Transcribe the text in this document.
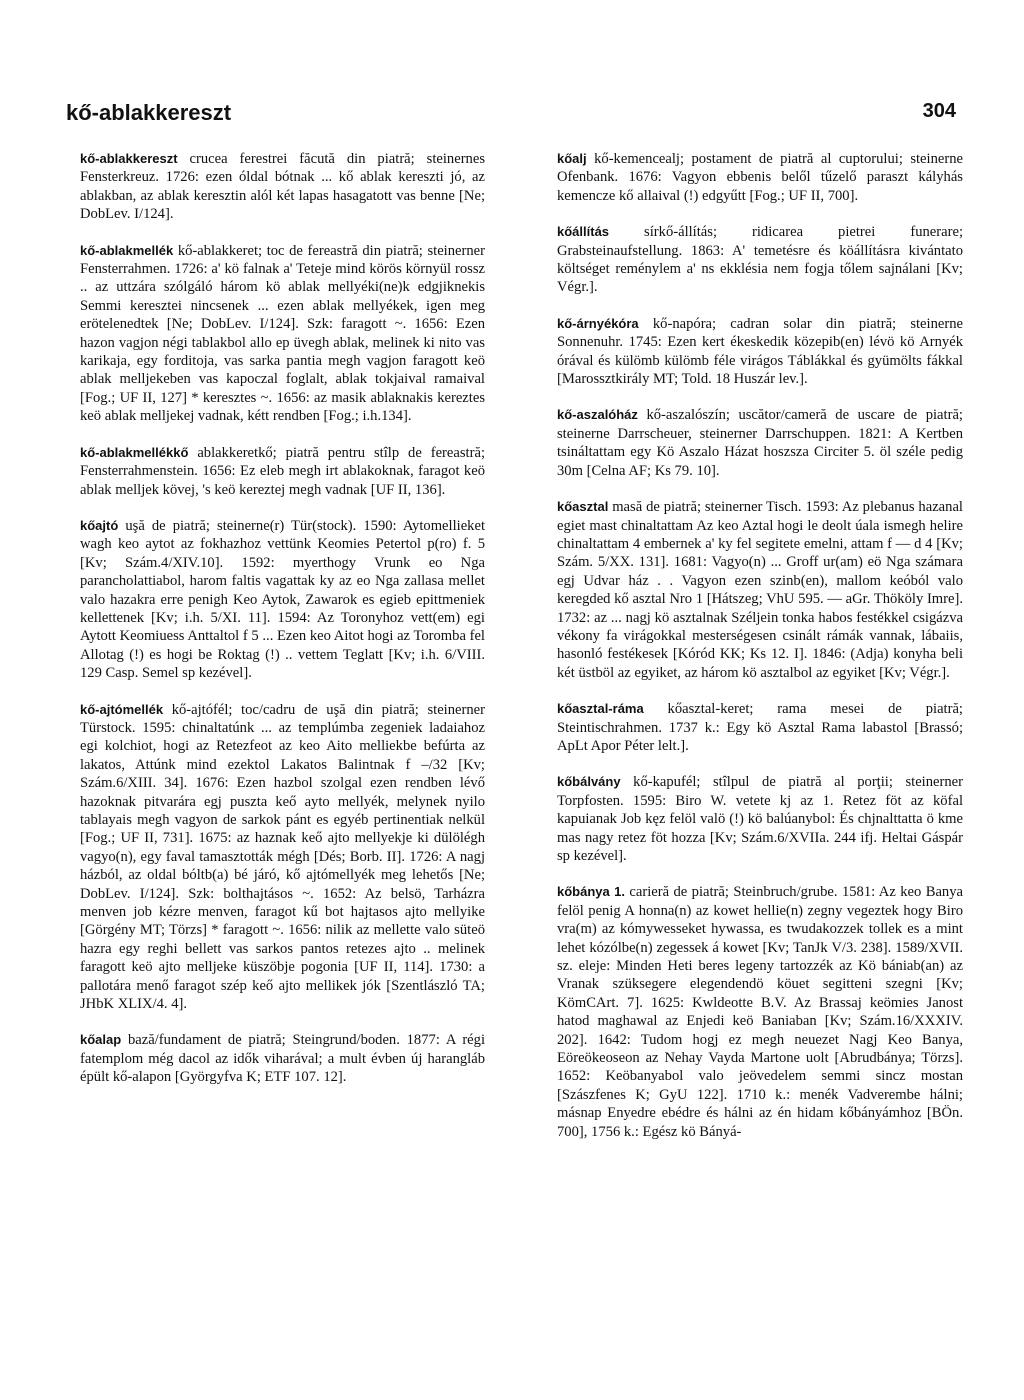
kő-ablakkereszt	304

kő-ablakkereszt crucea ferestrei făcută din piatră; steinernes Fensterkreuz. 1726: ezen óldal bótnak ... kő ablak kereszti jó, az ablakban, az ablak keresztin alól két lapas hasagatott vas benne [Ne; DobLev. I/124].

kő-ablakmellék kő-ablakkeret; toc de fereastră din piatră; steinerner Fensterrahmen. 1726: a' kö falnak a' Teteje mind körös környül rossz .. az uttzára szólgáló három kö ablak mellyéki(ne)k edgjiknekis Semmi keresztei nincsenek ... ezen ablak mellyékek, igen meg erötelenedtek [Ne; DobLev. I/124]. Szk: faragott ~. 1656: Ezen hazon vagjon négi tablakbol allo ep üvegh ablak, melinek ki nito vas karikaja, egy forditoja, vas sarka pantia megh vagjon faragott keö ablak melljekeben vas kapoczal foglalt, ablak tokjaival ramaival [Fog.; UF II, 127] * keresztes ~. 1656: az masik ablaknakis kereztes keö ablak melljekej vadnak, kétt rendben [Fog.; i.h.134].

kő-ablakmellékkő ablakkeretkő; piatră pentru stîlp de fereastră; Fensterrahmenstein. 1656: Ez eleb megh irt ablakoknak, faragot keö ablak melljek kövej, 's keö kereztej megh vadnak [UF II, 136].

kőajtó uşă de piatră; steinerne(r) Tür(stock). 1590: Aytomellieket wagh keo aytot az fokhazhoz vettünk Keomies Petertol p(ro) f. 5 [Kv; Szám.4/XIV.10]. 1592: myerthogy Vrunk eo Nga parancholattiabol, harom faltis vagattak ky az eo Nga zallasa mellet valo hazakra erre penigh Keo Aytok, Zawarok es egieb epittmeniek kellettenek [Kv; i.h. 5/XI. 11]. 1594: Az Toronyhoz vett(em) egi Aytott Keomiuess Anttaltol f 5 ... Ezen keo Aitot hogi az Toromba fel Allotag (!) es hogi be Roktag (!) .. vettem Teglatt [Kv; i.h. 6/VIII. 129 Casp. Semel sp kezével].

kő-ajtómellék kő-ajtófél; toc/cadru de uşă din piatră; steinerner Türstock. 1595: chinaltatúnk ... az templúmba zegeniek ladaiahoz egi kolchiot, hogi az Retezfeot az keo Aito melliekbe befúrta az lakatos, Attúnk mind ezektol Lakatos Balintnak f –/32 [Kv; Szám.6/XIII. 34]. 1676: Ezen hazbol szolgal ezen rendben lévő hazoknak pitvarára egj puszta keő ayto mellyék, melynek nyilo tablayais megh vagyon de sarkok pánt es egyéb pertinentiak nelkül [Fog.; UF II, 731]. 1675: az haznak keő ajto mellyekje ki dülölégh vagyo(n), egy faval tamasztották mégh [Dés; Borb. II]. 1726: A nagj házból, az oldal bóltb(a) bé járó, kő ajtómellyék meg lehetős [Ne; DobLev. I/124]. Szk: bolthajtásos ~. 1652: Az belsö, Tarházra menven job kézre menven, faragot kű bot hajtasos ajto mellyike [Görgény MT; Törzs] * faragott ~. 1656: nilik az mellette valo süteö hazra egy reghi bellett vas sarkos pantos retezes ajto .. melinek faragott keö ajto melljeke küszöbje pogonia [UF II, 114]. 1730: a pallotára menő faragot szép keő ajto mellikek jók [Szentlászló TA; JHbK XLIX/4. 4].

kőalap bază/fundament de piatră; Steingrund/boden. 1877: A régi fatemplom még dacol az idők viharával; a mult évben új harangláb épült kő-alapon [Györgyfva K; ETF 107. 12].

kőalj kő-kemencealj; postament de piatră al cuptorului; steinerne Ofenbank. 1676: Vagyon ebbenis belől tűzelő paraszt kályhás kemencze kő allaival (!) edgyűtt [Fog.; UF II, 700].

kőállítás sírkő-állítás; ridicarea pietrei funerare; Grabsteinaufstellung. 1863: A' temetésre és köállításra kivántato költséget reménylem a' ns ekklésia nem fogja tőlem sajnálani [Kv; Végr.].

kő-árnyékóra kő-napóra; cadran solar din piatră; steinerne Sonnenuhr. 1745: Ezen kert ékeskedik közepib(en) lévö kö Arnyék órával és külömb külömb féle virágos Táblákkal és gyümölts fákkal [Marossztkirály MT; Told. 18 Huszár lev.].

kő-aszalóház kő-aszalószín; uscător/cameră de uscare de piatră; steinerne Darrscheuer, steinerner Darrschuppen. 1821: A Kertben tsináltattam egy Kö Aszalo Házat hoszsza Circiter 5. öl széle pedig 30m [Celna AF; Ks 79. 10].

kőasztal masă de piatră; steinerner Tisch. 1593: Az plebanus hazanal egiet mast chinaltattam Az keo Aztal hogi le deolt úala ismegh helire chinaltattam 4 embernek a' ky fel segitete emelni, attam f — d 4 [Kv; Szám. 5/XX. 131]. 1681: Vagyo(n) ... Groff ur(am) eö Nga számara egj Udvar ház . . Vagyon ezen szinb(en), mallom keóból valo keregded kő asztal Nro 1 [Hátszeg; VhU 595. — aGr. Thököly Imre]. 1732: az ... nagj kö asztalnak Széljein tonka habos festékkel csigázva vékony fa virágokkal mesterségesen csinált rámák vannak, lábaiis, hasonló festékesek [Kóród KK; Ks 12. I]. 1846: (Adja) konyha beli két üstböl az egyiket, az három kö asztalbol az egyiket [Kv; Végr.].

kőasztal-ráma kőasztal-keret; rama mesei de piatră; Steintischrahmen. 1737 k.: Egy kö Asztal Rama labastol [Brassó; ApLt Apor Péter lelt.].

kőbálvány kő-kapufél; stîlpul de piatră al porţii; steinerner Torpfosten. 1595: Biro W. vetete kj az 1. Retez föt az köfal kapuianak Job kęz felöl valö (!) kö balúanybol: És chjnalttatta ö kme mas nagy retez föt hozza [Kv; Szám.6/XVIIa. 244 ifj. Heltai Gáspár sp kezével].

kőbánya 1. carieră de piatră; Steinbruch/grube. 1581: Az keo Banya felöl penig A honna(n) az kowet hellie(n) zegny vegeztek hogy Biro vra(m) az kómywesseket hywassa, es twudakozzek tollek es a mint lehet kózólbe(n) zegessek á kowet [Kv; TanJk V/3. 238]. 1589/XVII. sz. eleje: Minden Heti beres legeny tartozzék az Kö bániab(an) az Vranak szüksegere elegendendö köuet segitteni szegni [Kv; KömCArt. 7]. 1625: Kwldeotte B.V. Az Brassaj keömies Janost hatod maghawal az Enjedi keö Baniaban [Kv; Szám.16/XXXIV. 202]. 1642: Tudom hogj ez megh neuezet Nagj Keo Banya, Eöreökeoseon az Nehay Vayda Martone uolt [Abrudbánya; Törzs]. 1652: Keöbanyabol valo jeövedelem semmi sincz mostan [Szászfenes K; GyU 122]. 1710 k.: menék Vadverembe hálni; másnap Enyedre ebédre és hálni az én hidam kőbányámhoz [BÖn. 700], 1756 k.: Egész kö Bányá-
